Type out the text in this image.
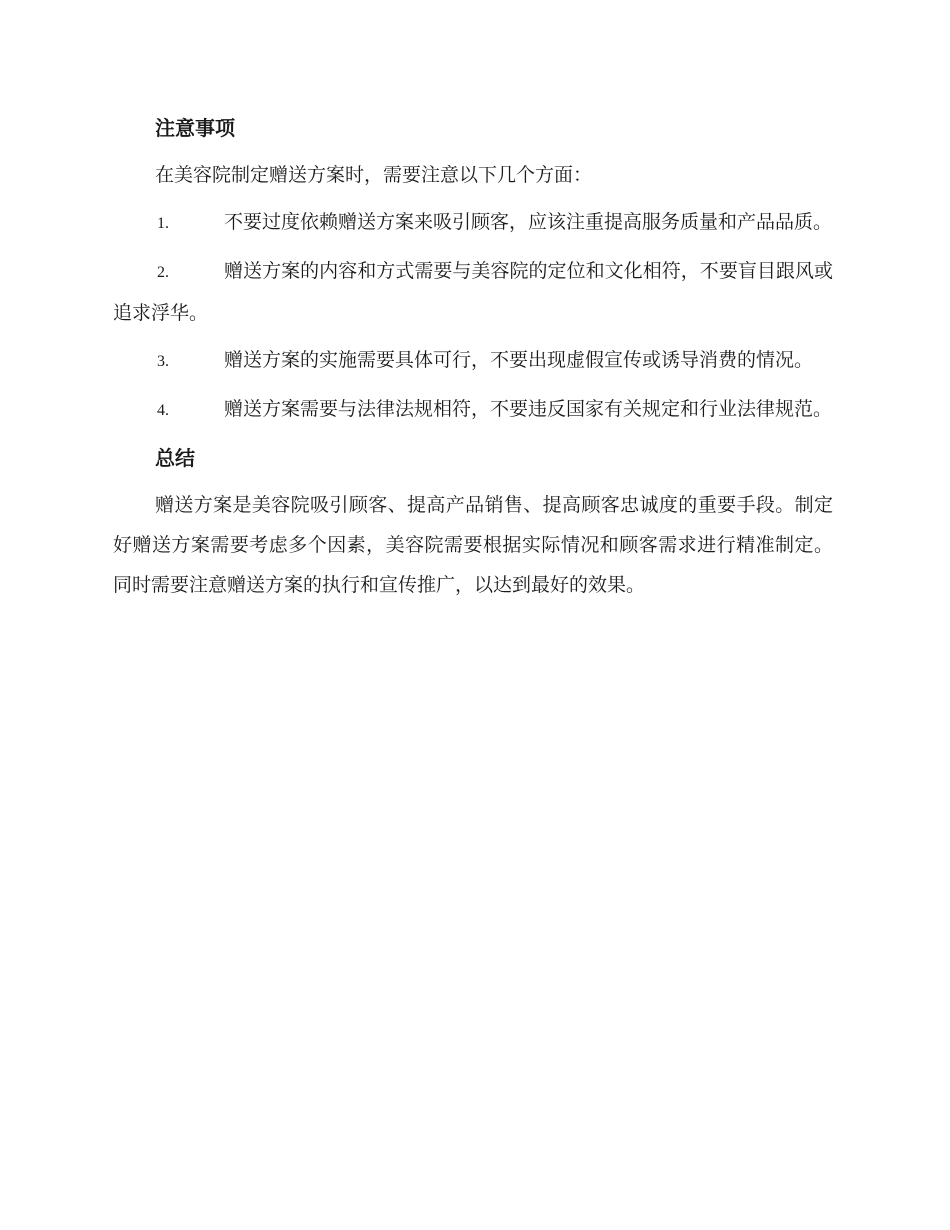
注意事项

在美容院制定赠送方案时，需要注意以下几个方面：

1.	不要过度依赖赠送方案来吸引顾客，应该注重提高服务质量和产品品质。

2.	赠送方案的内容和方式需要与美容院的定位和文化相符，不要盲目跟风或追求浮华。

3.	赠送方案的实施需要具体可行，不要出现虚假宣传或诱导消费的情况。

4.	赠送方案需要与法律法规相符，不要违反国家有关规定和行业法律规范。

总结

赠送方案是美容院吸引顾客、提高产品销售、提高顾客忠诚度的重要手段。制定好赠送方案需要考虑多个因素，美容院需要根据实际情况和顾客需求进行精准制定。同时需要注意赠送方案的执行和宣传推广，以达到最好的效果。
